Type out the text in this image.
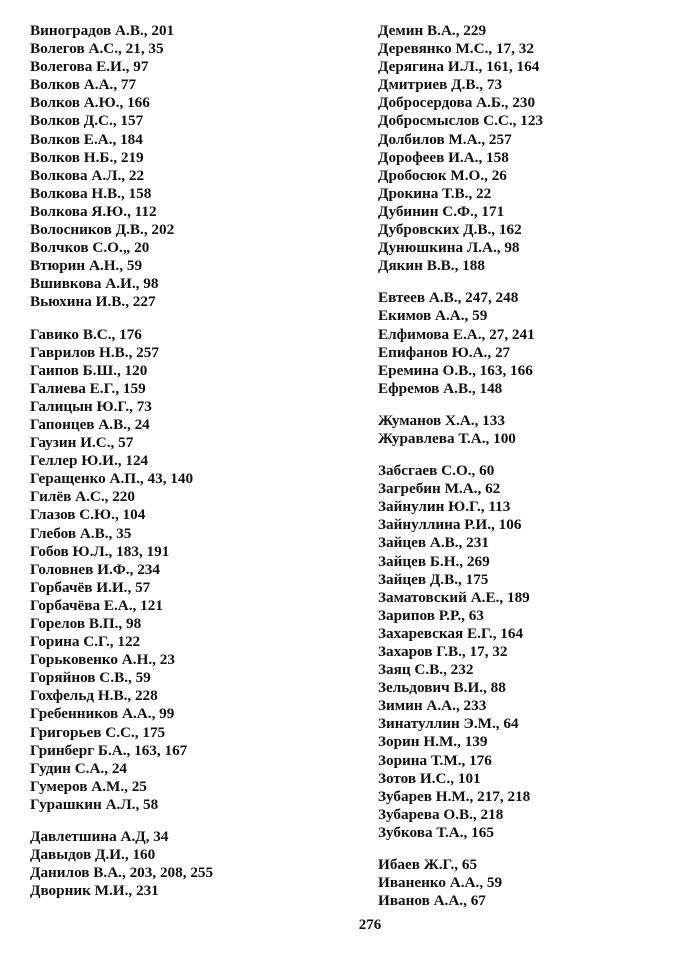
Виноградов А.В., 201
Волегов А.С., 21, 35
Волегова Е.И., 97
Волков А.А., 77
Волков А.Ю., 166
Волков Д.С., 157
Волков Е.А., 184
Волков Н.Б., 219
Волкова А.Л., 22
Волкова Н.В., 158
Волкова Я.Ю., 112
Волосников Д.В., 202
Волчков С.О.„ 20
Втюрин А.Н., 59
Вшивкова А.И., 98
Вьюхина И.В., 227
Гавико В.С., 176
Гаврилов Н.В., 257
Гаипов Б.Ш., 120
Галиева Е.Г., 159
Галицын Ю.Г., 73
Гапонцев А.В., 24
Гаузин И.С., 57
Геллер Ю.И., 124
Геращенко А.П., 43, 140
Гилёв А.С., 220
Глазов С.Ю., 104
Глебов А.В., 35
Гобов Ю.Л., 183, 191
Головнев И.Ф., 234
Горбачёв И.И., 57
Горбачёва Е.А., 121
Горелов В.П., 98
Горина С.Г., 122
Горьковенко А.Н., 23
Горяйнов С.В., 59
Гохфельд Н.В., 228
Гребенников А.А., 99
Григорьев С.С., 175
Гринберг Б.А., 163, 167
Гудин С.А., 24
Гумеров А.М., 25
Гурашкин А.Л., 58
Давлетшина А.Д, 34
Давыдов Д.И., 160
Данилов В.А., 203, 208, 255
Дворник М.И., 231
Демин В.А., 229
Деревянко М.С., 17, 32
Дерягина И.Л., 161, 164
Дмитриев Д.В., 73
Добросердова А.Б., 230
Добросмыслов С.С., 123
Долбилов М.А., 257
Дорофеев И.А., 158
Дробосюк М.О., 26
Дрокина Т.В., 22
Дубинин С.Ф., 171
Дубровских Д.В., 162
Дунюшкина Л.А., 98
Дякин В.В., 188
Евтеев А.В., 247, 248
Екимов А.А., 59
Елфимова Е.А., 27, 241
Епифанов Ю.А., 27
Еремина О.В., 163, 166
Ефремов А.В., 148
Жуманов Х.А., 133
Журавлева Т.А., 100
Забсгаев С.О., 60
Загребин М.А., 62
Зайнулин Ю.Г., 113
Зайнуллина Р.И., 106
Зайцев А.В., 231
Зайцев Б.Н., 269
Зайцев Д.В., 175
Заматовский А.Е., 189
Зарипов Р.Р., 63
Захаревская Е.Г., 164
Захаров Г.В., 17, 32
Заяц С.В., 232
Зельдович В.И., 88
Зимин А.А., 233
Зинатуллин Э.М., 64
Зорин Н.М., 139
Зорина Т.М., 176
Зотов И.С., 101
Зубарев Н.М., 217, 218
Зубарева О.В., 218
Зубкова Т.А., 165
Ибаев Ж.Г., 65
Иваненко А.А., 59
Иванов А.А., 67
276
